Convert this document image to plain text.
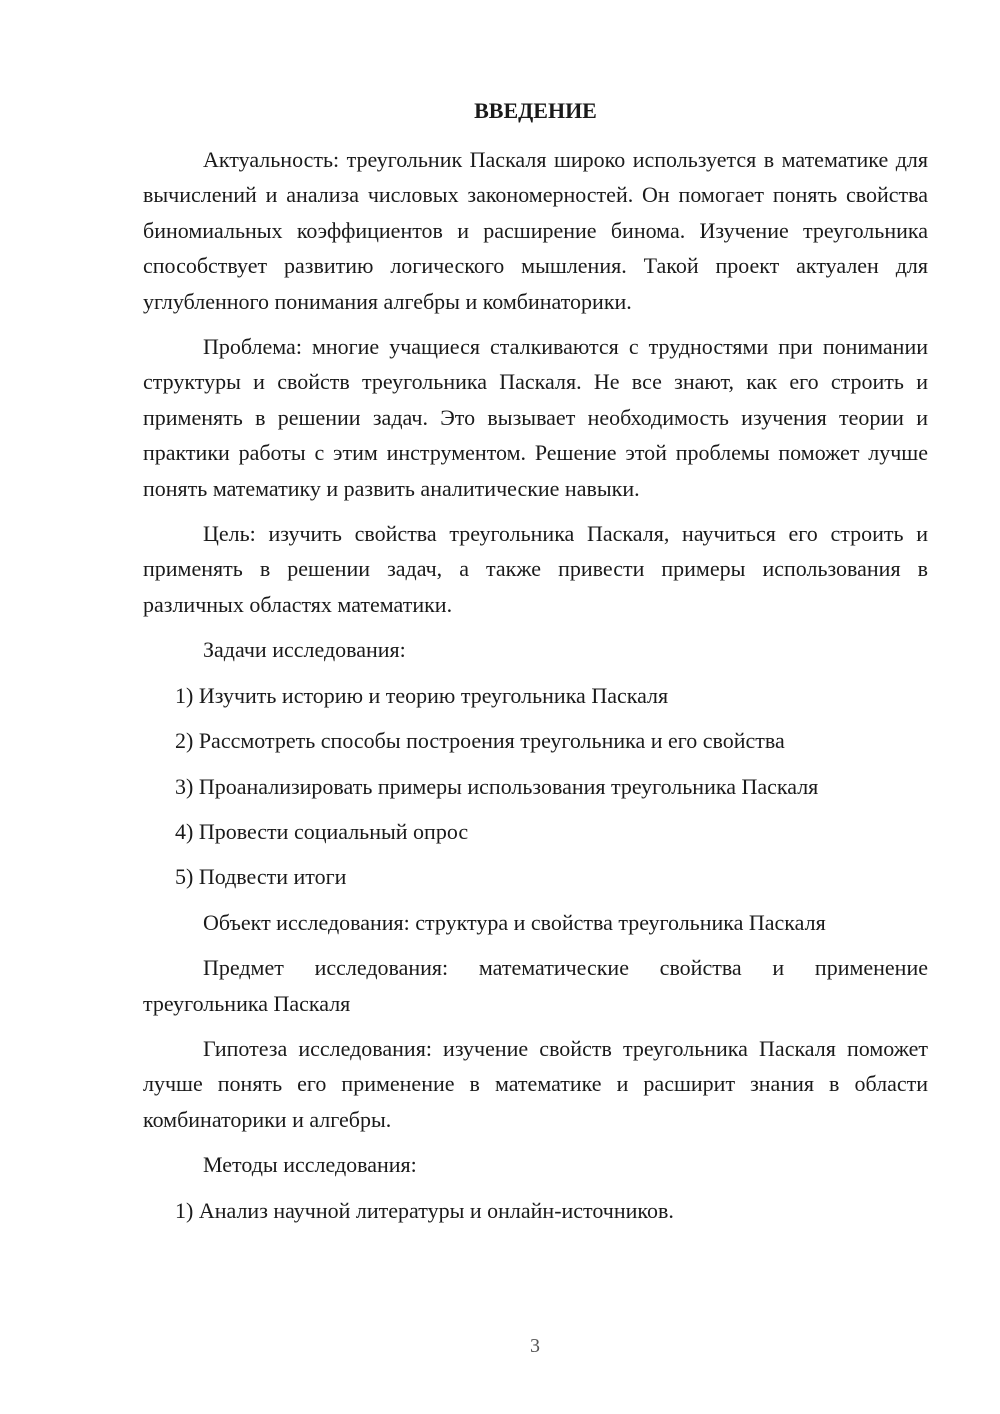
ВВЕДЕНИЕ

Актуальность: треугольник Паскаля широко используется в математике для вычислений и анализа числовых закономерностей. Он помогает понять свойства биномиальных коэффициентов и расширение бинома. Изучение треугольника способствует развитию логического мышления. Такой проект актуален для углубленного понимания алгебры и комбинаторики.

Проблема: многие учащиеся сталкиваются с трудностями при понимании структуры и свойств треугольника Паскаля. Не все знают, как его строить и применять в решении задач. Это вызывает необходимость изучения теории и практики работы с этим инструментом. Решение этой проблемы поможет лучше понять математику и развить аналитические навыки.

Цель: изучить свойства треугольника Паскаля, научиться его строить и применять в решении задач, а также привести примеры использования в различных областях математики.

Задачи исследования:

1) Изучить историю и теорию треугольника Паскаля

2) Рассмотреть способы построения треугольника и его свойства

3) Проанализировать примеры использования треугольника Паскаля

4) Провести социальный опрос

5) Подвести итоги

Объект исследования: структура и свойства треугольника Паскаля

Предмет исследования: математические свойства и применение треугольника Паскаля

Гипотеза исследования: изучение свойств треугольника Паскаля поможет лучше понять его применение в математике и расширит знания в области комбинаторики и алгебры.

Методы исследования:

1) Анализ научной литературы и онлайн-источников.

3
